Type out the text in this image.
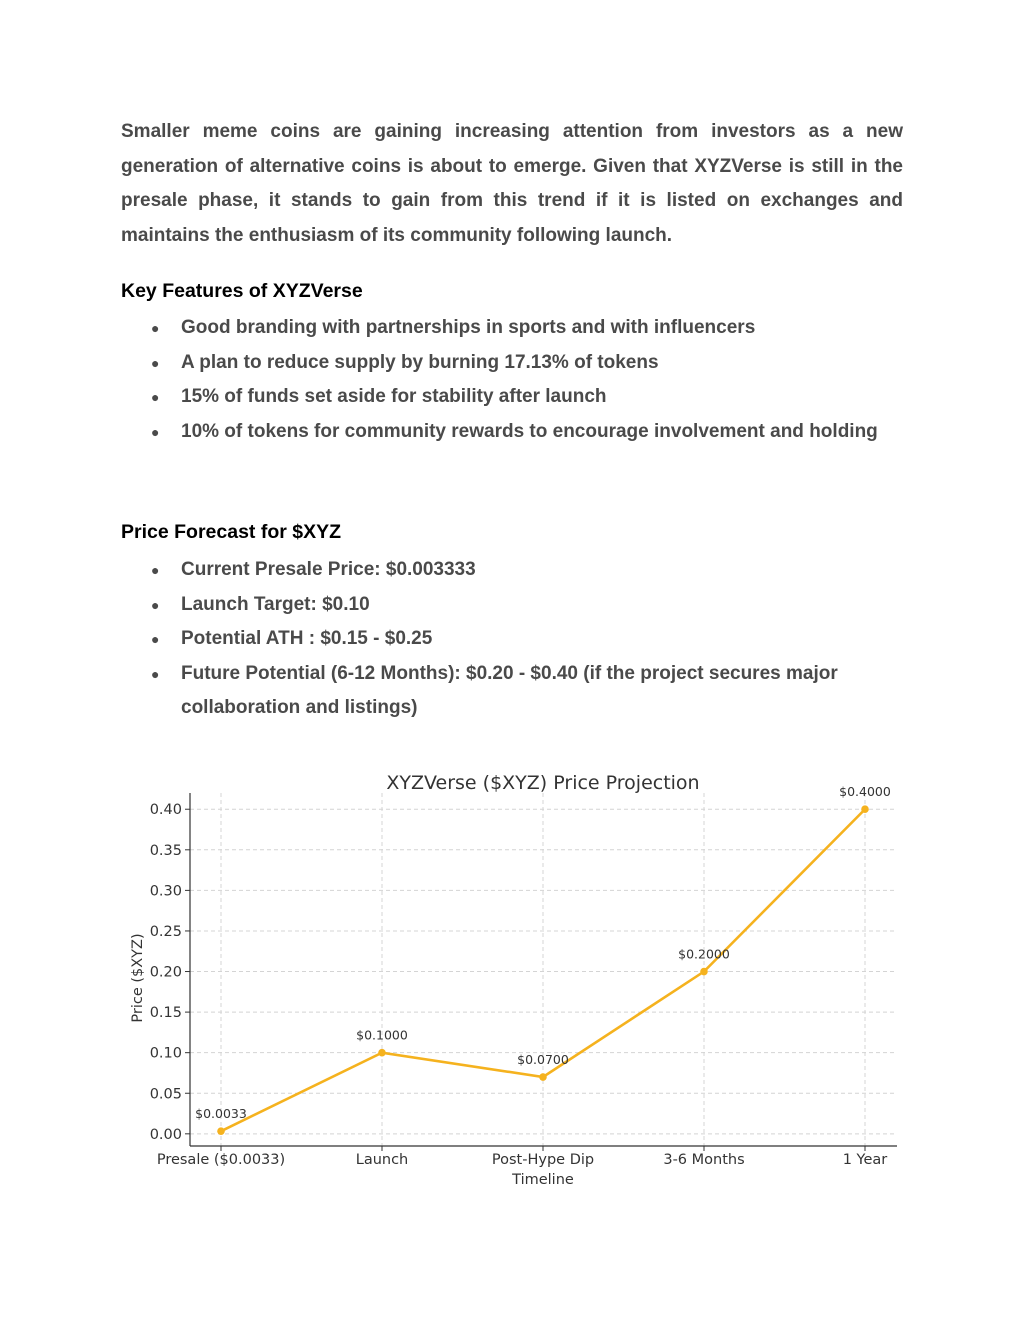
Smaller meme coins are gaining increasing attention from investors as a new generation of alternative coins is about to emerge. Given that XYZVerse is still in the presale phase, it stands to gain from this trend if it is listed on exchanges and maintains the enthusiasm of its community following launch.

Key Features of XYZVerse
● Good branding with partnerships in sports and with influencers
● A plan to reduce supply by burning 17.13% of tokens
● 15% of funds set aside for stability after launch
● 10% of tokens for community rewards to encourage involvement and holding
Price Forecast for $XYZ
● Current Presale Price: $0.003333
● Launch Target: $0.10
● Potential ATH : $0.15 - $0.25
● Future Potential (6-12 Months): $0.20 - $0.40 (if the project secures major collaboration and listings)
XYZVerse ($XYZ) Price Projection
0.00
0.05
0.10
0.15
0.20
0.25
0.30
0.35
0.40
Presale ($0.0033)	Launch	Post-Hype Dip	3-6 Months	1 Year
$0.0033
$0.1000
$0.0700
$0.2000
$0.4000
Timeline
Price ($XYZ)
